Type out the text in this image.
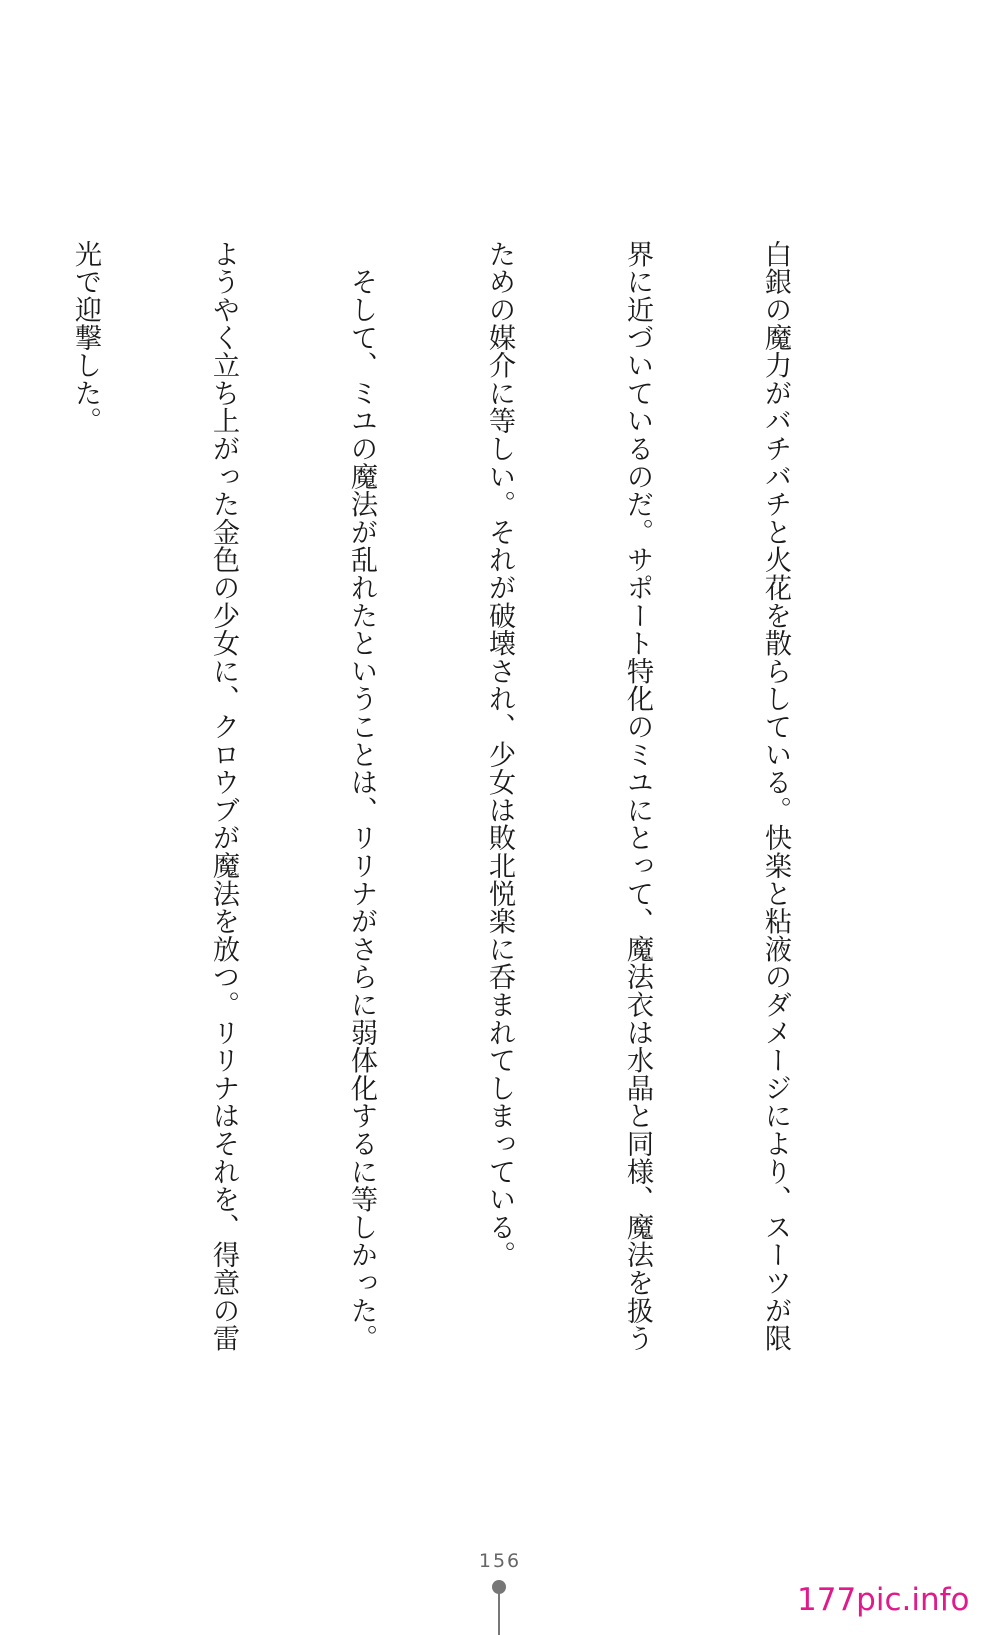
白銀の魔力がバチバチと火花を散らしている。快楽と粘液のダメージにより、スーツが限

界に近づいているのだ。サポート特化のミユにとって、魔法衣は水晶と同様、魔法を扱う

ための媒介に等しい。それが破壊され、少女は敗北悦楽に呑まれてしまっている。

　そして、ミユの魔法が乱れたということは、リリナがさらに弱体化するに等しかった。

ようやく立ち上がった金色の少女に、クロウブが魔法を放つ。リリナはそれを、得意の雷

光で迎撃した。

156
177pic.info
